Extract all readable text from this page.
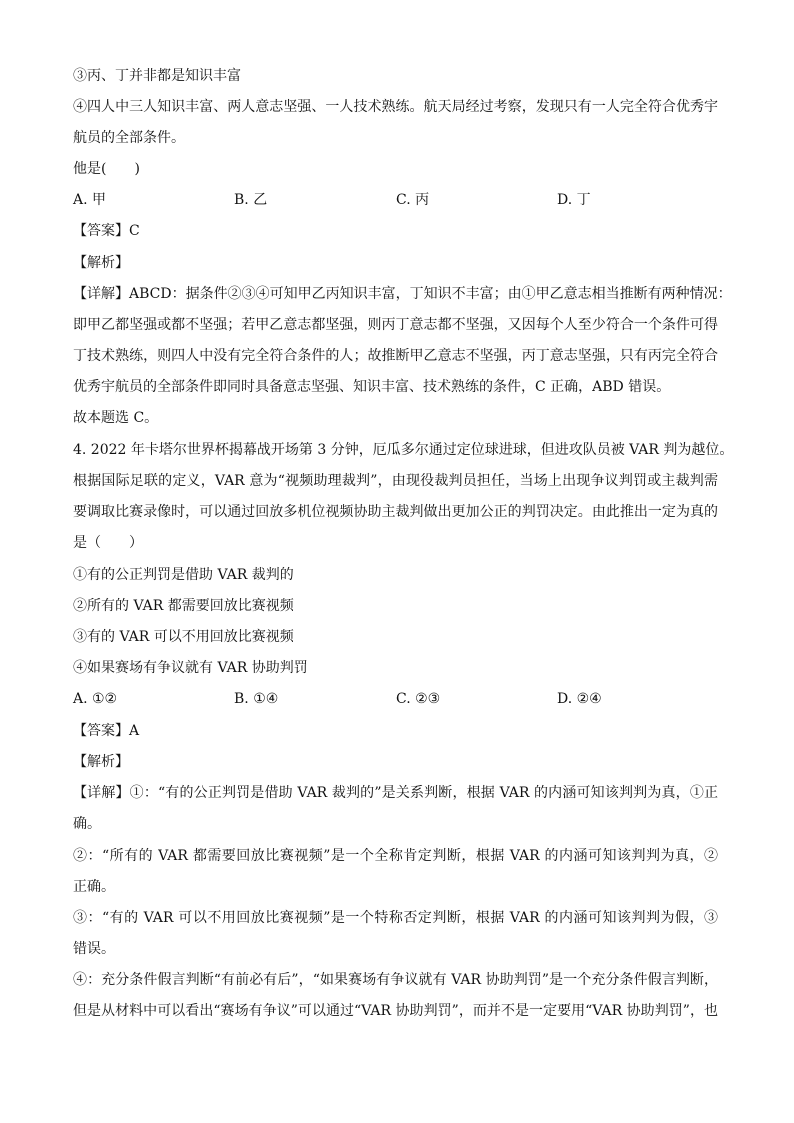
③丙、丁并非都是知识丰富
④四人中三人知识丰富、两人意志坚强、一人技术熟练。航天局经过考察，发现只有一人完全符合优秀宇
航员的全部条件。
他是(　　)
A. 甲	B. 乙	C. 丙	D. 丁
【答案】C
【解析】
【详解】ABCD：据条件②③④可知甲乙丙知识丰富，丁知识不丰富；由①甲乙意志相当推断有两种情况：
即甲乙都坚强或都不坚强；若甲乙意志都坚强，则丙丁意志都不坚强，又因每个人至少符合一个条件可得
丁技术熟练，则四人中没有完全符合条件的人；故推断甲乙意志不坚强，丙丁意志坚强，只有丙完全符合
优秀宇航员的全部条件即同时具备意志坚强、知识丰富、技术熟练的条件，C 正确，ABD 错误。
故本题选 C。
4. 2022 年卡塔尔世界杯揭幕战开场第 3 分钟，厄瓜多尔通过定位球进球，但进攻队员被 VAR 判为越位。
根据国际足联的定义，VAR 意为“视频助理裁判”，由现役裁判员担任，当场上出现争议判罚或主裁判需
要调取比赛录像时，可以通过回放多机位视频协助主裁判做出更加公正的判罚决定。由此推出一定为真的
是（　　）
①有的公正判罚是借助 VAR 裁判的
②所有的 VAR 都需要回放比赛视频
③有的 VAR 可以不用回放比赛视频
④如果赛场有争议就有 VAR 协助判罚
A. ①②	B. ①④	C. ②③	D. ②④
【答案】A
【解析】
【详解】①：“有的公正判罚是借助 VAR 裁判的”是关系判断，根据 VAR 的内涵可知该判判为真，①正
确。
②：“所有的 VAR 都需要回放比赛视频”是一个全称肯定判断，根据 VAR 的内涵可知该判判为真，②
正确。
③：“有的 VAR 可以不用回放比赛视频”是一个特称否定判断，根据 VAR 的内涵可知该判判为假，③
错误。
④：充分条件假言判断“有前必有后”，“如果赛场有争议就有 VAR 协助判罚”是一个充分条件假言判断，
但是从材料中可以看出“赛场有争议”可以通过“VAR 协助判罚”，而并不是一定要用“VAR 协助判罚”，也
